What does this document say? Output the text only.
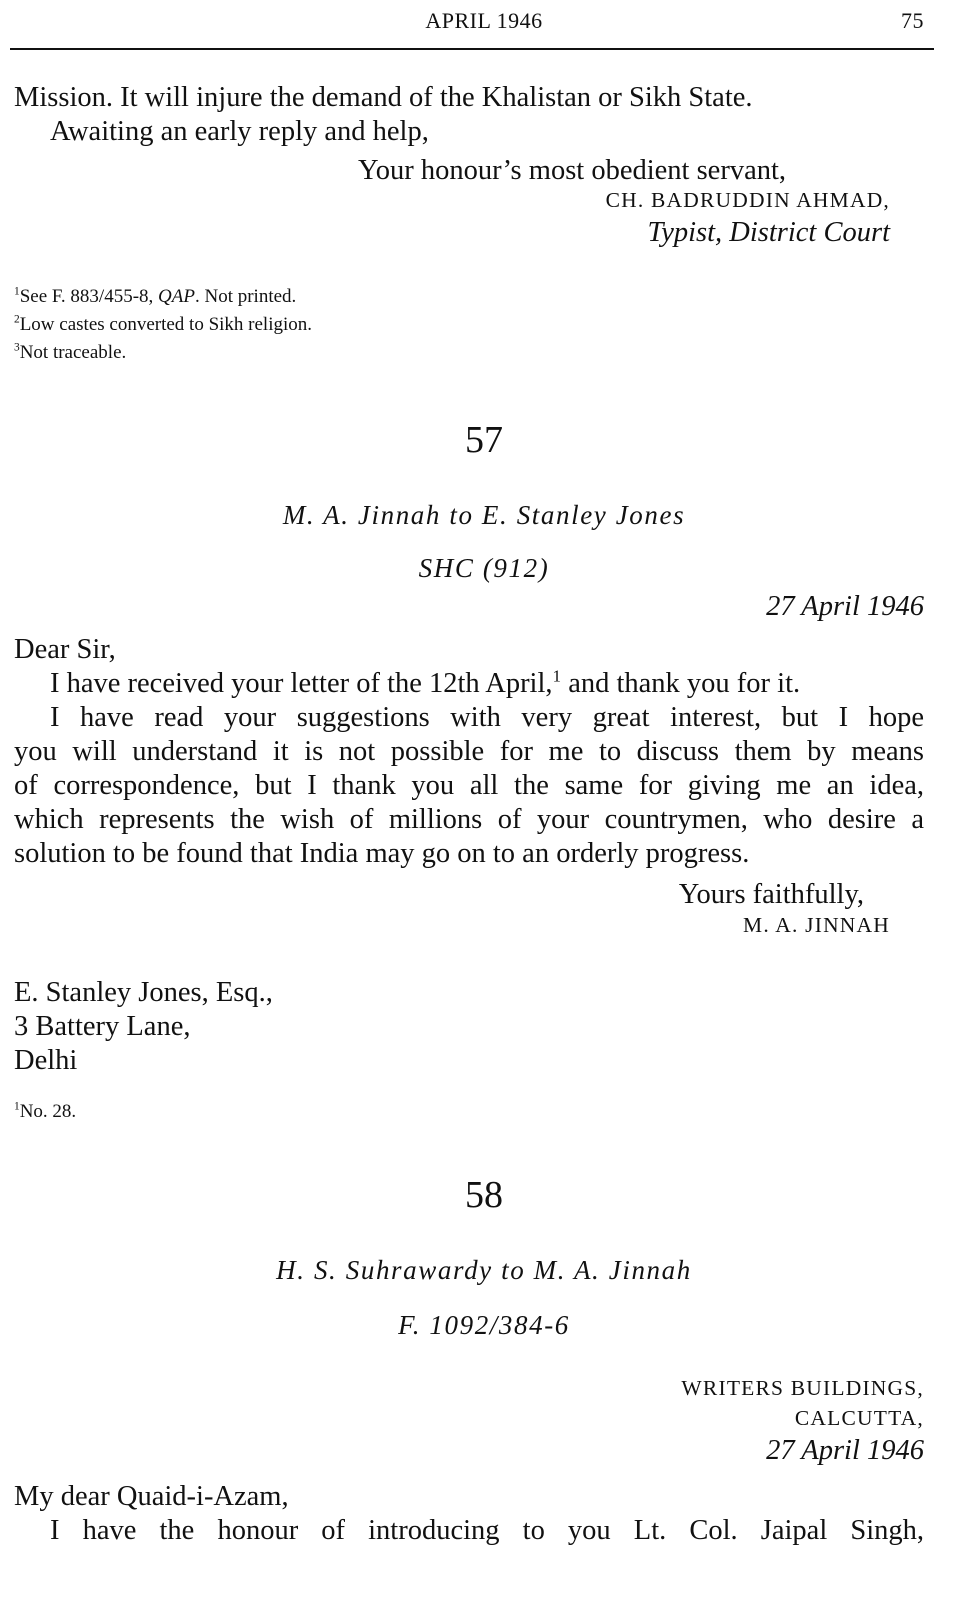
APRIL 1946	75
Mission. It will injure the demand of the Khalistan or Sikh State.
Awaiting an early reply and help,
Your honour’s most obedient servant,
CH. BADRUDDIN AHMAD,
Typist, District Court
$^1$See F. 883/455-8, QAP. Not printed.
$^2$Low castes converted to Sikh religion.
$^3$Not traceable.
57
M. A. Jinnah to E. Stanley Jones
SHC (912)
27 April 1946
Dear Sir,
I have received your letter of the 12th April,$^1$ and thank you for it.
I have read your suggestions with very great interest, but I hope
you will understand it is not possible for me to discuss them by means
of correspondence, but I thank you all the same for giving me an idea,
which represents the wish of millions of your countrymen, who desire a
solution to be found that India may go on to an orderly progress.
Yours faithfully,
M. A. JINNAH
E. Stanley Jones, Esq.,
3 Battery Lane,
Delhi
$^1$No. 28.
58
H. S. Suhrawardy to M. A. Jinnah
F. 1092/384-6
WRITERS BUILDINGS,
CALCUTTA,
27 April 1946
My dear Quaid-i-Azam,
I have the honour of introducing to you Lt. Col. Jaipal Singh,
